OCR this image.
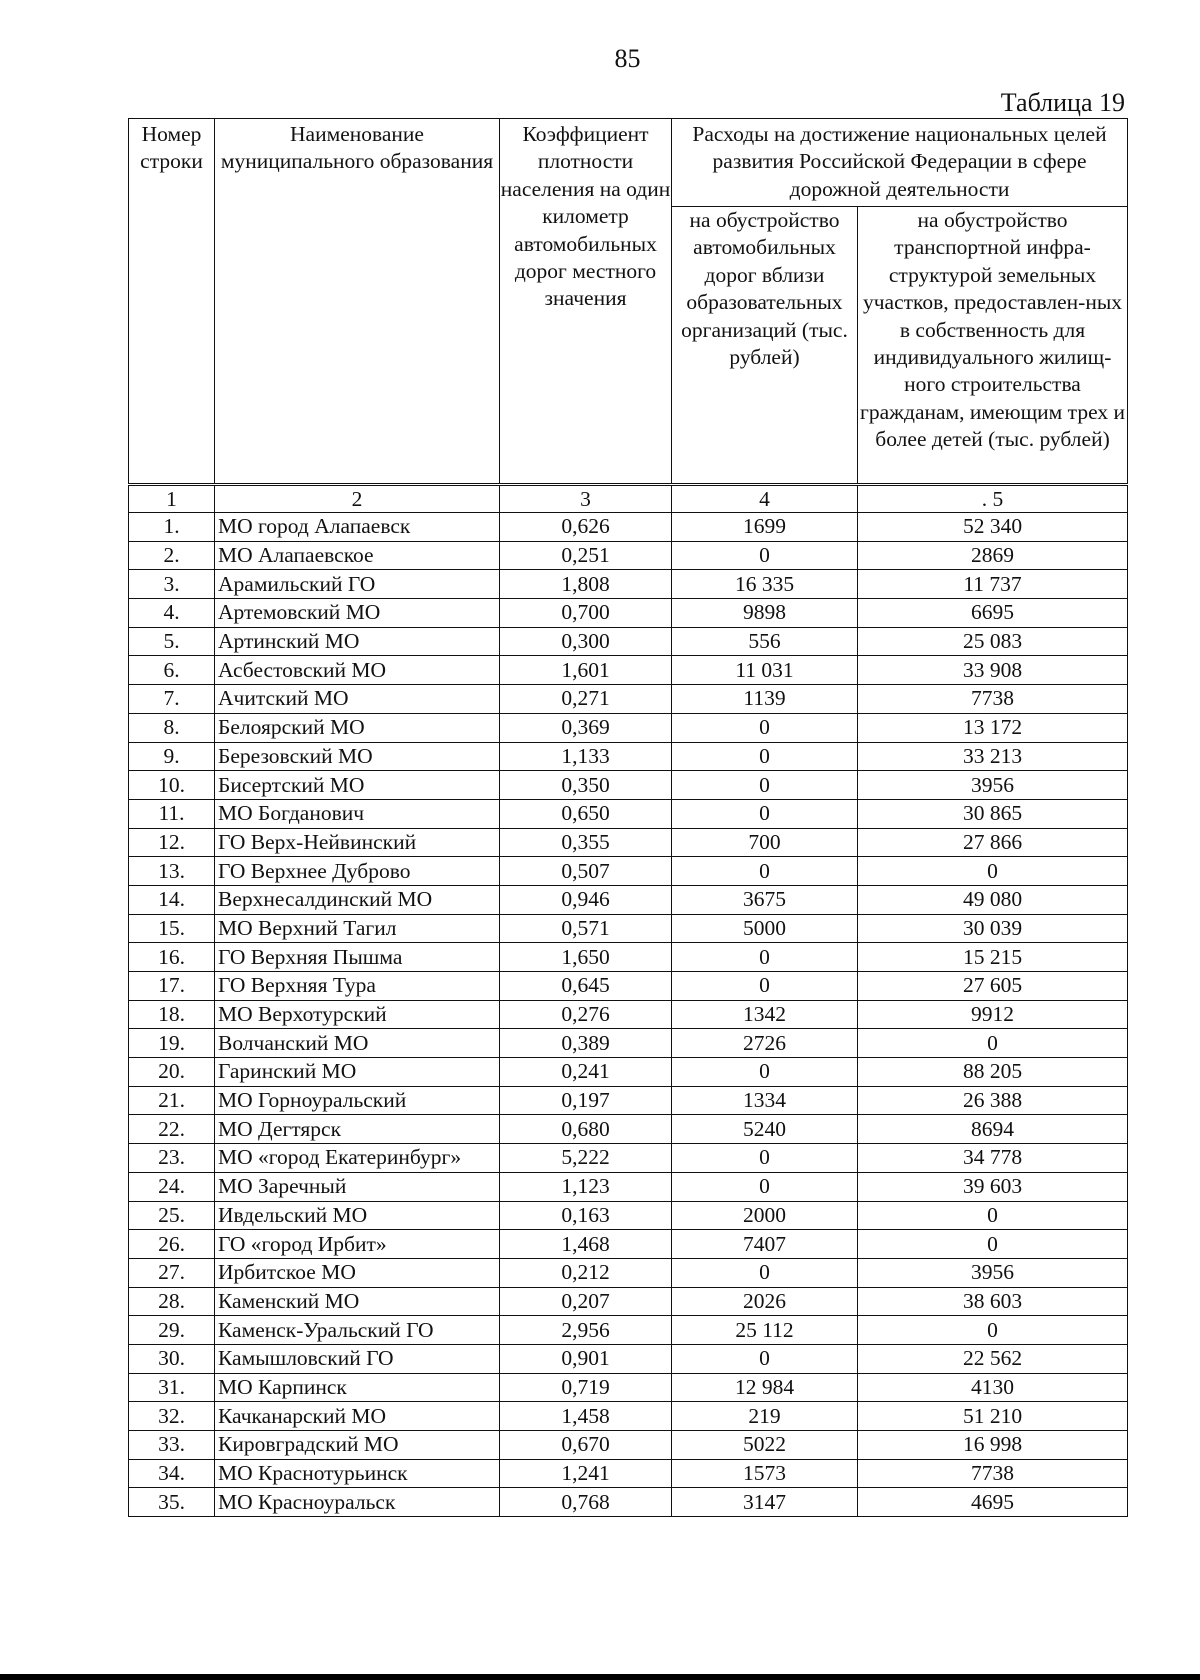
85
Таблица 19
Номер строки	Наименование муниципального образования	Коэффициент плотности населения на один километр автомобильных дорог местного значения	Расходы на достижение национальных целей развития Российской Федерации в сфере дорожной деятельности	
			на обустройство автомобильных дорог вблизи образовательных организаций (тыс. рублей)	на обустройство транспортной инфра-структурой земельных участков, предоставлен-ных в собственность для индивидуального жилищ-ного строительства гражданам, имеющим трех и более детей (тыс. рублей)
1	2	3	4	. 5
1.	МО город Алапаевск	0,626	1699	52 340
2.	МО Алапаевское	0,251	0	2869
3.	Арамильский ГО	1,808	16 335	11 737
4.	Артемовский МО	0,700	9898	6695
5.	Артинский МО	0,300	556	25 083
6.	Асбестовский МО	1,601	11 031	33 908
7.	Ачитский МО	0,271	1139	7738
8.	Белоярский МО	0,369	0	13 172
9.	Березовский МО	1,133	0	33 213
10.	Бисертский МО	0,350	0	3956
11.	МО Богданович	0,650	0	30 865
12.	ГО Верх-Нейвинский	0,355	700	27 866
13.	ГО Верхнее Дуброво	0,507	0	0
14.	Верхнесалдинский МО	0,946	3675	49 080
15.	МО Верхний Тагил	0,571	5000	30 039
16.	ГО Верхняя Пышма	1,650	0	15 215
17.	ГО Верхняя Тура	0,645	0	27 605
18.	МО Верхотурский	0,276	1342	9912
19.	Волчанский МО	0,389	2726	0
20.	Гаринский МО	0,241	0	88 205
21.	МО Горноуральский	0,197	1334	26 388
22.	МО Дегтярск	0,680	5240	8694
23.	МО «город Екатеринбург»	5,222	0	34 778
24.	МО Заречный	1,123	0	39 603
25.	Ивдельский МО	0,163	2000	0
26.	ГО «город Ирбит»	1,468	7407	0
27.	Ирбитское МО	0,212	0	3956
28.	Каменский МО	0,207	2026	38 603
29.	Каменск-Уральский ГО	2,956	25 112	0
30.	Камышловский ГО	0,901	0	22 562
31.	МО Карпинск	0,719	12 984	4130
32.	Качканарский МО	1,458	219	51 210
33.	Кировградский МО	0,670	5022	16 998
34.	МО Краснотурьинск	1,241	1573	7738
35.	МО Красноуральск	0,768	3147	4695
